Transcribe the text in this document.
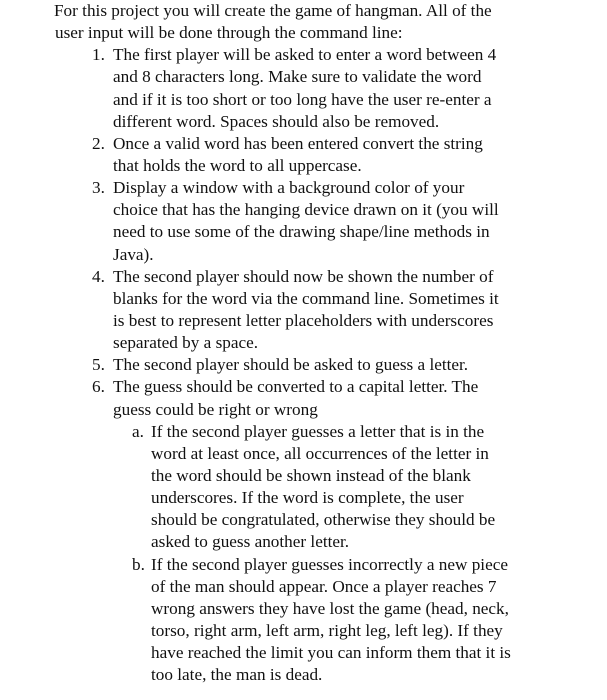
For this project you will create the game of hangman. All of the
user input will be done through the command line:
1. The first player will be asked to enter a word between 4
and 8 characters long. Make sure to validate the word
and if it is too short or too long have the user re-enter a
different word. Spaces should also be removed.
2. Once a valid word has been entered convert the string
that holds the word to all uppercase.
3. Display a window with a background color of your
choice that has the hanging device drawn on it (you will
need to use some of the drawing shape/line methods in
Java).
4. The second player should now be shown the number of
blanks for the word via the command line. Sometimes it
is best to represent letter placeholders with underscores
separated by a space.
5. The second player should be asked to guess a letter.
6. The guess should be converted to a capital letter. The
guess could be right or wrong
a. If the second player guesses a letter that is in the
word at least once, all occurrences of the letter in
the word should be shown instead of the blank
underscores. If the word is complete, the user
should be congratulated, otherwise they should be
asked to guess another letter.
b. If the second player guesses incorrectly a new piece
of the man should appear. Once a player reaches 7
wrong answers they have lost the game (head, neck,
torso, right arm, left arm, right leg, left leg). If they
have reached the limit you can inform them that it is
too late, the man is dead.
